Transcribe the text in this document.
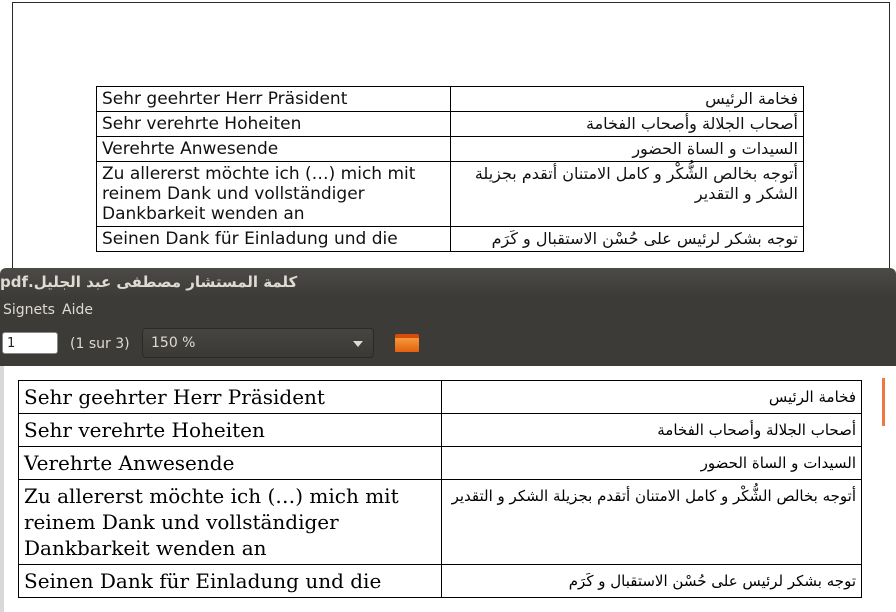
Sehr geehrter Herr Präsident	فخامة الرئيس
Sehr verehrte Hoheiten	أصحاب الجلالة وأصحاب الفخامة
Verehrte Anwesende	السيدات و الساة الحضور
Zu allererst möchte ich (…) mich mit reinem Dank und vollständiger Dankbarkeit wenden an	أتوجه بخالص الشُّكْر و كامل الامتنان أتقدم بجزيلة الشكر و التقدير
Seinen Dank für Einladung und die	توجه بشكر لرئيس على حُسْن الاستقبال و كَرَم
كلمة المستشار مصطفى عبد الجليل.pdf
Signets Aide
1	(1 sur 3) 150 %
Sehr geehrter Herr Präsident	فخامة الرئيس
Sehr verehrte Hoheiten	أصحاب الجلالة وأصحاب الفخامة
Verehrte Anwesende	السيدات و الساة الحضور
Zu allererst möchte ich (…) mich mit reinem Dank und vollständiger Dankbarkeit wenden an	أتوجه بخالص الشُّكْر و كامل الامتنان أتقدم بجزيلة الشكر و التقدير
Seinen Dank für Einladung und die	توجه بشكر لرئيس على حُسْن الاستقبال و كَرَم
